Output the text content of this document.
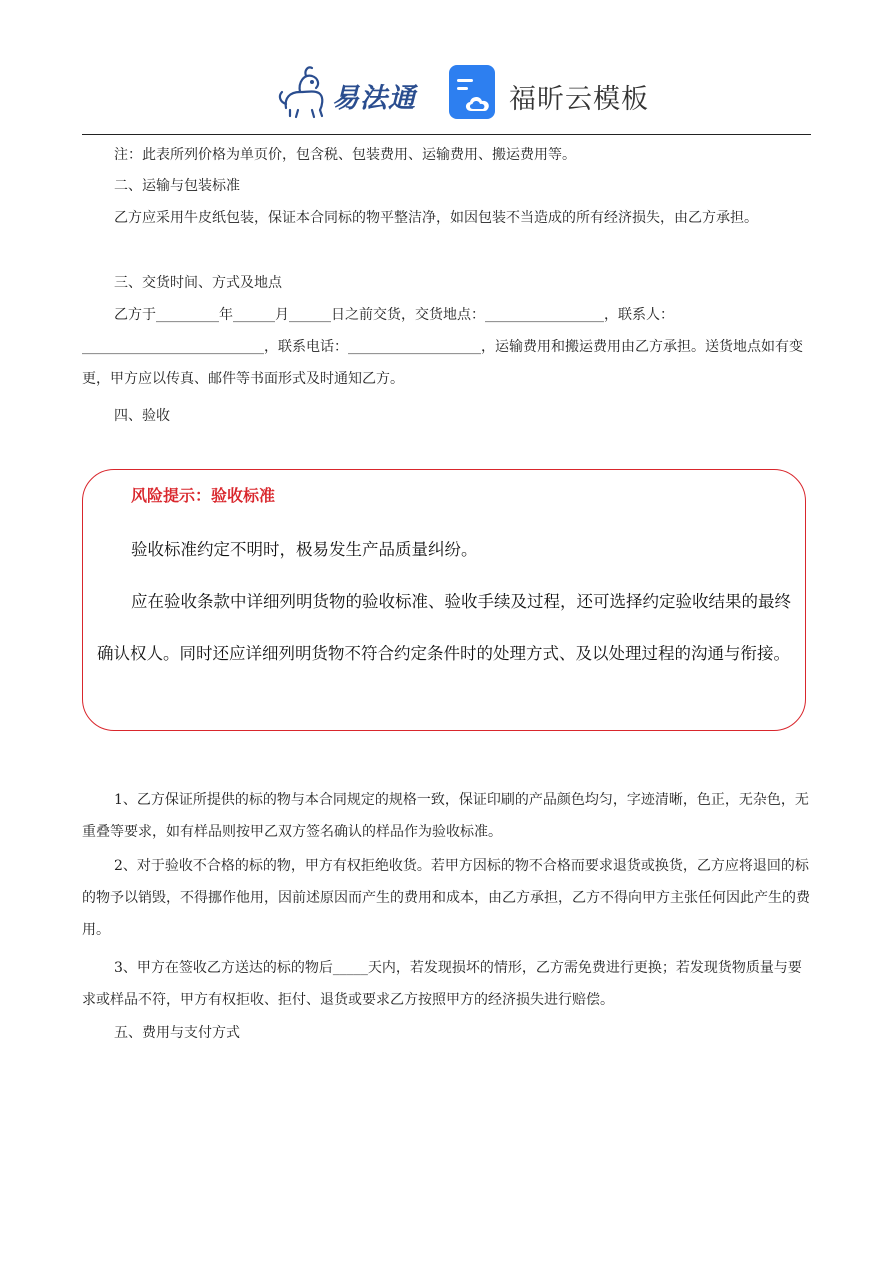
易法通	福昕云模板
注：此表所列价格为单页价，包含税、包装费用、运输费用、搬运费用等。
二、运输与包装标准
乙方应采用牛皮纸包装，保证本合同标的物平整洁净，如因包装不当造成的所有经济损失，由乙方承担。
三、交货时间、方式及地点
乙方于_________年______月______日之前交货，交货地点：_________________，联系人：__________________________，联系电话：___________________，运输费用和搬运费用由乙方承担。送货地点如有变更，甲方应以传真、邮件等书面形式及时通知乙方。
四、验收
风险提示：验收标准
验收标准约定不明时，极易发生产品质量纠纷。
应在验收条款中详细列明货物的验收标准、验收手续及过程，还可选择约定验收结果的最终确认权人。同时还应详细列明货物不符合约定条件时的处理方式、及以处理过程的沟通与衔接。
1、乙方保证所提供的标的物与本合同规定的规格一致，保证印刷的产品颜色均匀，字迹清晰，色正，无杂色，无重叠等要求，如有样品则按甲乙双方签名确认的样品作为验收标准。
2、对于验收不合格的标的物，甲方有权拒绝收货。若甲方因标的物不合格而要求退货或换货，乙方应将退回的标的物予以销毁，不得挪作他用，因前述原因而产生的费用和成本，由乙方承担，乙方不得向甲方主张任何因此产生的费用。
3、甲方在签收乙方送达的标的物后_____天内，若发现损坏的情形，乙方需免费进行更换；若发现货物质量与要求或样品不符，甲方有权拒收、拒付、退货或要求乙方按照甲方的经济损失进行赔偿。
五、费用与支付方式
